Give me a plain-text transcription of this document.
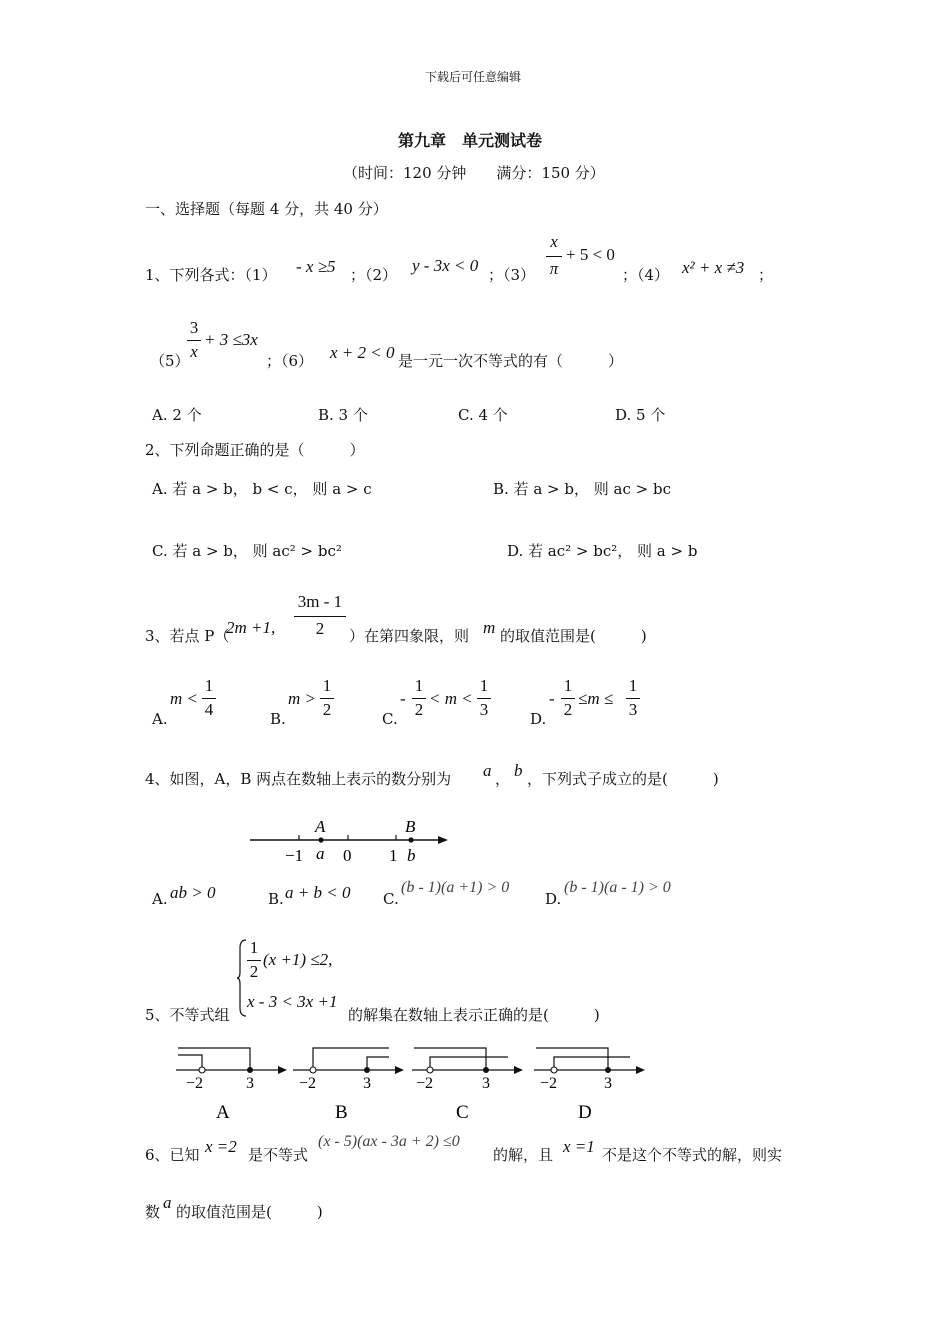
下载后可任意编辑
第九章　单元测试卷
（时间：120 分钟　　满分：150 分）
一、选择题（每题 4 分，共 40 分）
1、下列各式：（1） - x ≥5 ；（2） y - 3x < 0 ；（3）
x
π
+ 5 < 0
；（4） x² + x ≠3 ；
（5）
3
x
+ 3 ≤3x
；（6） x + 2 < 0 是一元一次不等式的有（　　　）
A. 2 个	B. 3 个	C. 4 个	D. 5 个
2、下列命题正确的是（　　　）
A. 若 a > b， b < c， 则 a > c	B. 若 a > b， 则 ac > bc
C. 若 a > b， 则 ac² > bc²	D. 若 ac² > bc²， 则 a > b
3、若点 P（
2m +1,
3m - 1
2	）在第四象限，则 m 的取值范围是(　　　)
A.
m <
1
4	B.
m >
1
2	C.
-
1
2
< m <
1
3	D.
-
1
2
≤m ≤
1
3
4、如图，A，B 两点在数轴上表示的数分别为 a ， b ，下列式子成立的是(　　　)
A	B
−1 a 0 1 b
A. ab > 0	B. a + b < 0 C.
(b - 1)(a +1) > 0
D.
(b - 1)(a - 1) > 0
1
2
(x +1) ≤2,
x - 3 < 3x +1
5、不等式组	的解集在数轴上表示正确的是(　　　)
−2	3
A
−2	3
B
−2	3
C
−2	3
D
6、已知 x =2 是不等式
(x - 5)(ax - 3a + 2) ≤0
的解，且 x =1 不是这个不等式的解，则实
数 a 的取值范围是(　　　)
